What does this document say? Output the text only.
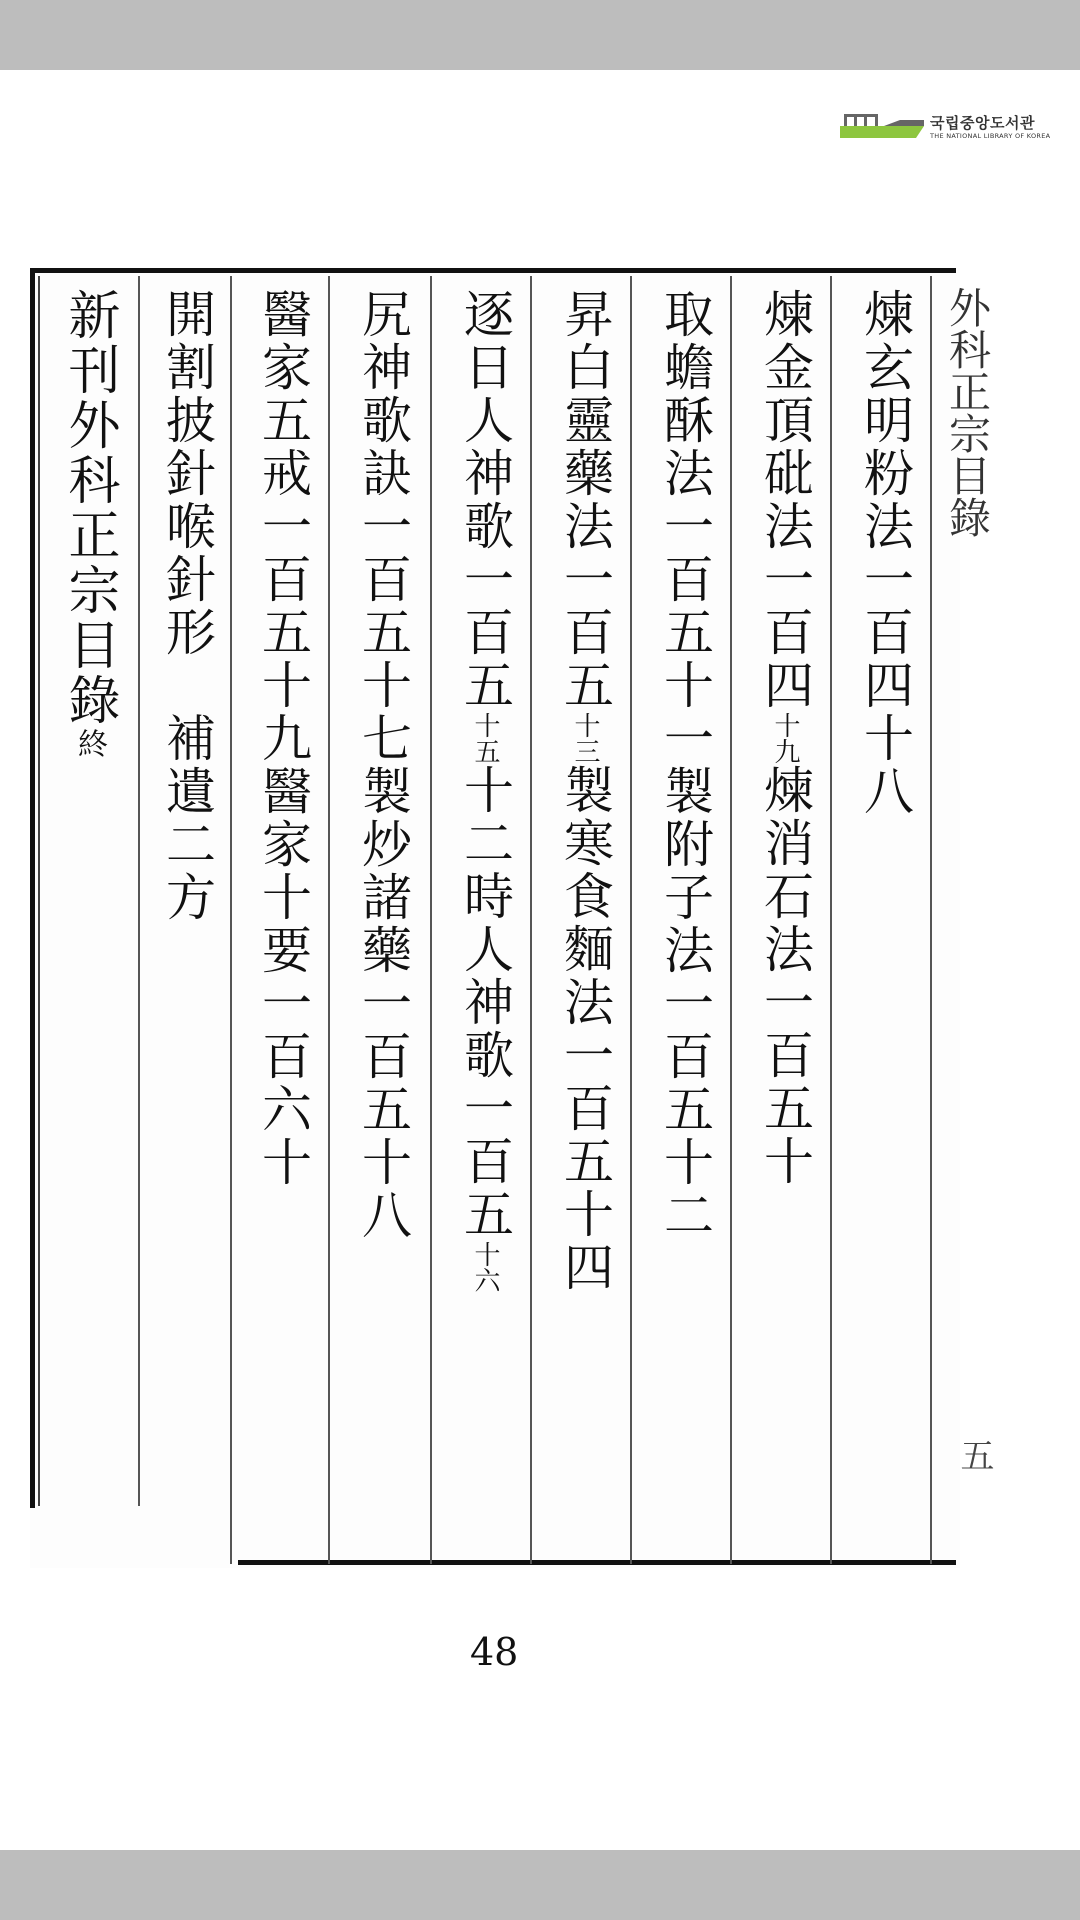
국립중앙도서관
THE NATIONAL LIBRARY OF KOREA
外科正宗目錄
五
煉玄明粉法一百四十八
煉金頂砒法一百四十九煉消石法一百五十
取蟾酥法一百五十一製附子法一百五十二
昇白靈藥法一百五十三製寒食麵法一百五十四
逐日人神歌一百五十五十二時人神歌一百五十六
尻神歌訣一百五十七製炒諸藥一百五十八
醫家五戒一百五十九醫家十要一百六十
開割披針喉針形　補遺二方
新刊外科正宗目錄終
48
